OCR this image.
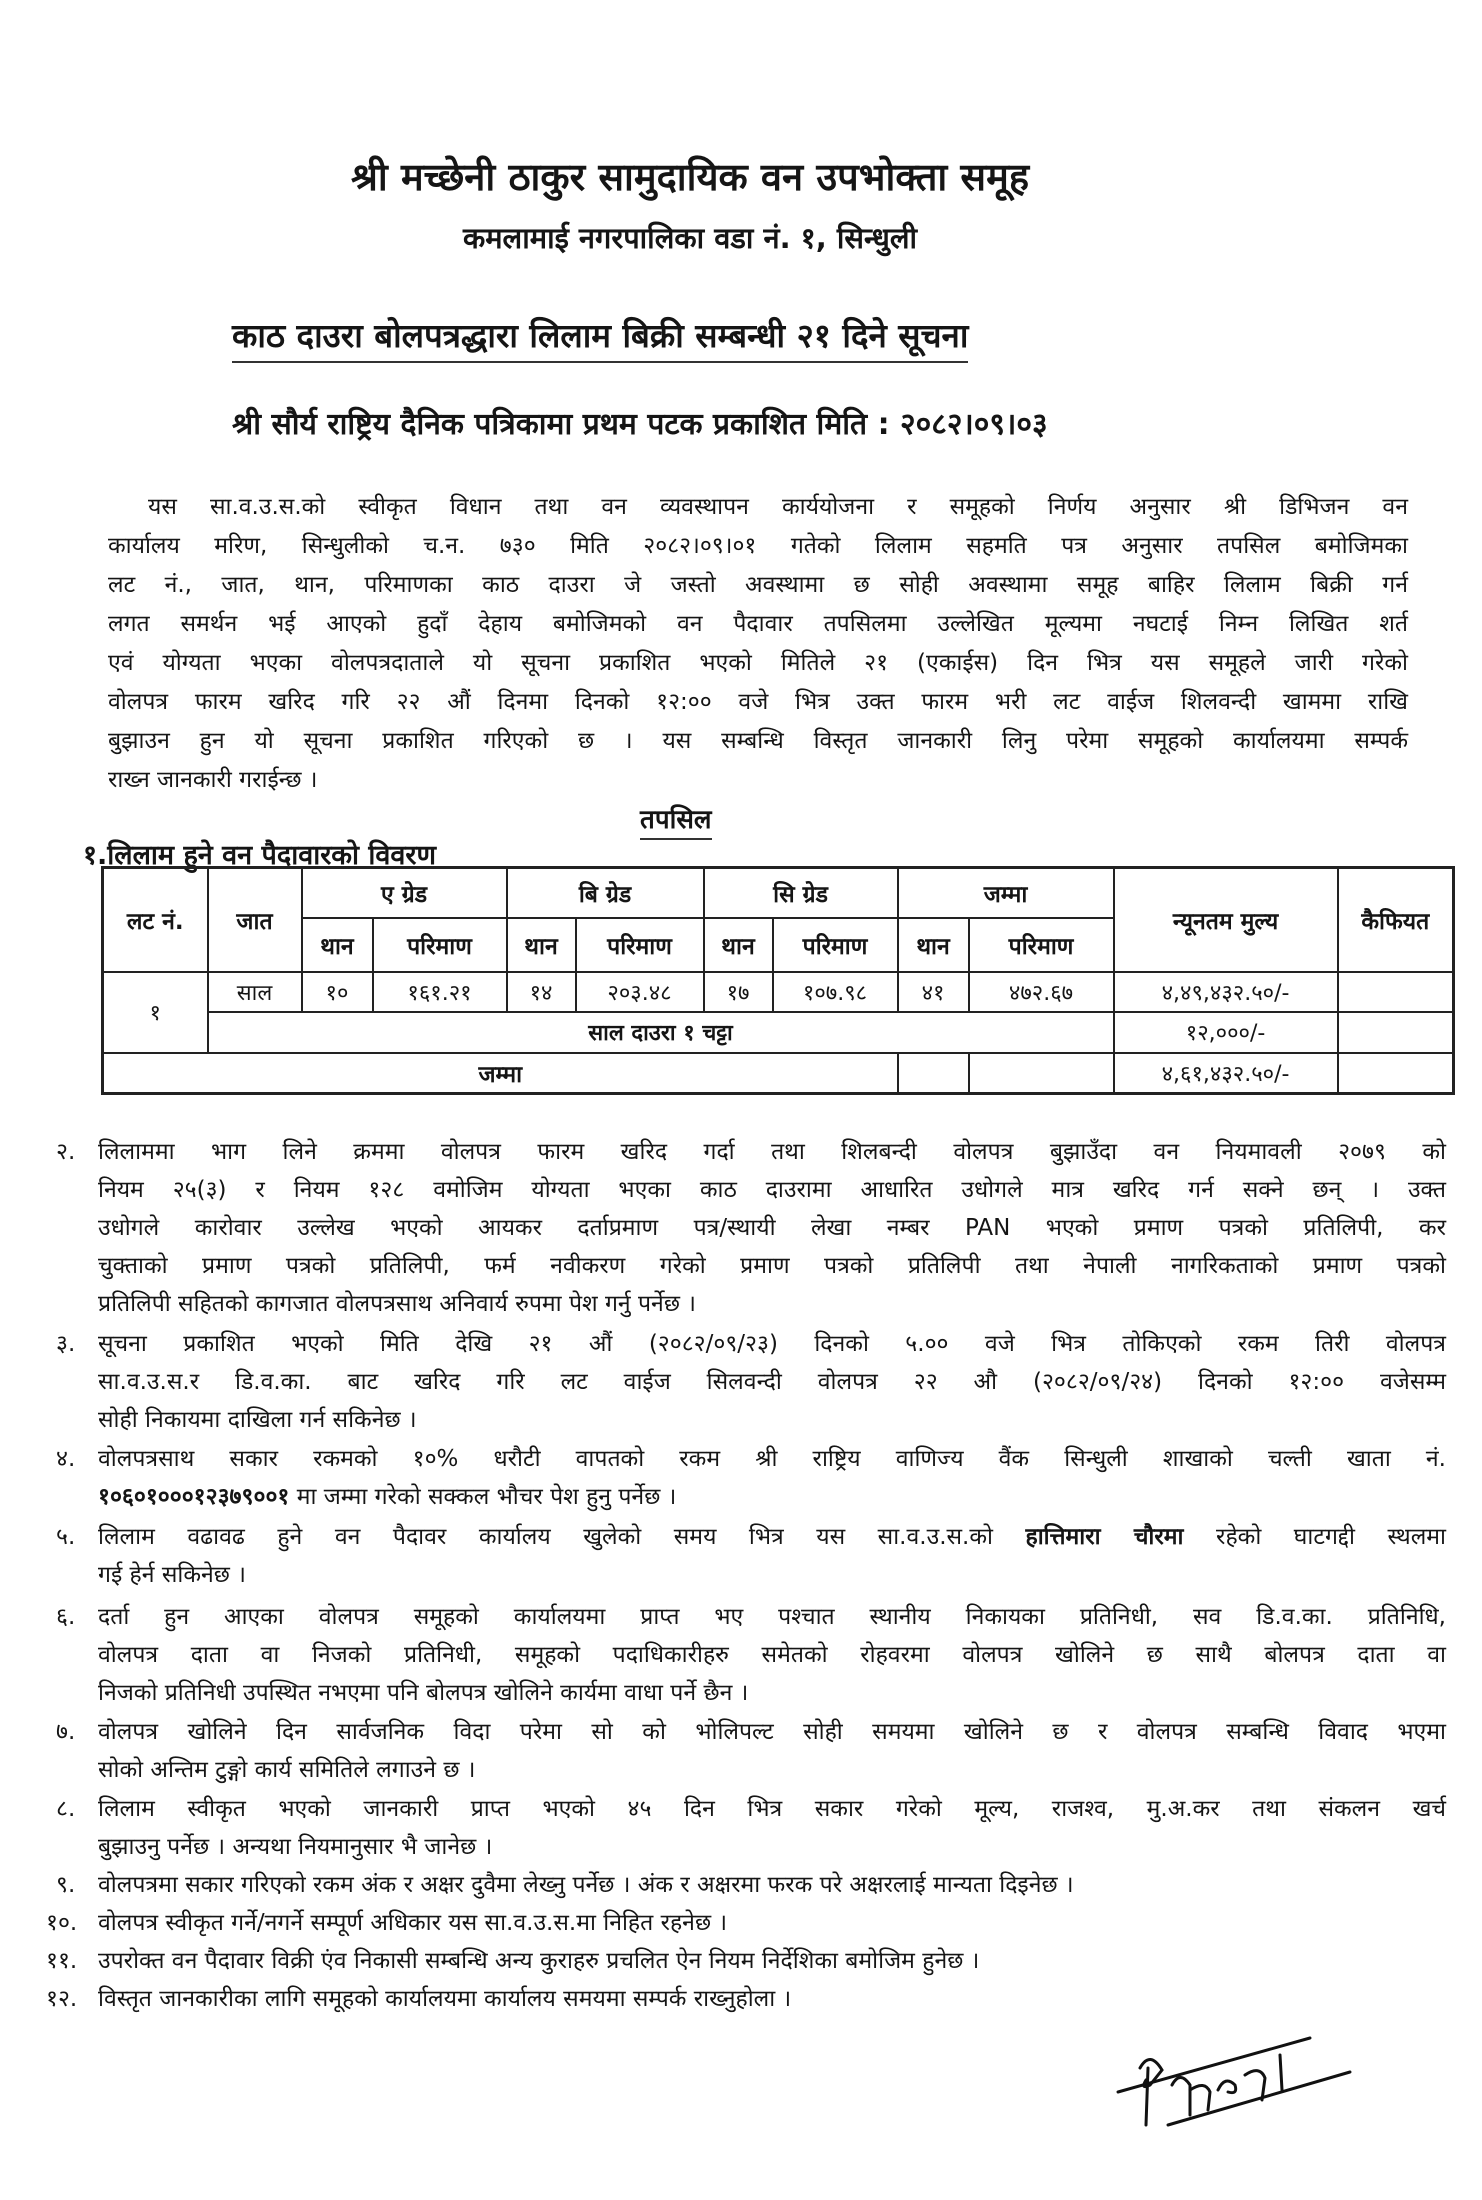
श्री मच्छेनी ठाकुर सामुदायिक वन उपभोक्ता समूह
कमलामाई नगरपालिका वडा नं. १, सिन्धुली
काठ दाउरा बोलपत्रद्धारा लिलाम बिक्री सम्बन्धी २१ दिने सूचना
श्री सौर्य राष्ट्रिय दैनिक पत्रिकामा प्रथम पटक प्रकाशित मिति : २०८२।०९।०३
यस सा.व.उ.स.को स्वीकृत विधान तथा वन व्यवस्थापन कार्ययोजना र समूहको निर्णय अनुसार श्री डिभिजन वन
कार्यालय मरिण, सिन्धुलीको च.न. ७३० मिति २०८२।०९।०१ गतेको लिलाम सहमति पत्र अनुसार तपसिल बमोजिमका
लट नं., जात, थान, परिमाणका काठ दाउरा जे जस्तो अवस्थामा छ सोही अवस्थामा समूह बाहिर लिलाम बिक्री गर्न
लगत समर्थन भई आएको हुदाँ देहाय बमोजिमको वन पैदावार तपसिलमा उल्लेखित मूल्यमा नघटाई निम्न लिखित शर्त
एवं योग्यता भएका वोलपत्रदाताले यो सूचना प्रकाशित भएको मितिले २१ (एकाईस) दिन भित्र यस समूहले जारी गरेको
वोलपत्र फारम खरिद गरि २२ औं दिनमा दिनको १२:०० वजे भित्र उक्त फारम भरी लट वाईज शिलवन्दी खाममा राखि
बुझाउन हुन यो सूचना प्रकाशित गरिएको छ । यस सम्बन्धि विस्तृत जानकारी लिनु परेमा समूहको कार्यालयमा सम्पर्क
राख्न जानकारी गराईन्छ ।
तपसिल
१.लिलाम हुने वन पैदावारको विवरण
लट नं.	जात	ए ग्रेड		बि ग्रेड		सि ग्रेड		जम्मा		न्यूनतम मुल्य	कैफियत
		थान	परिमाण	थान	परिमाण	थान	परिमाण	थान	परिमाण		
१	साल	१०	१६१.२१	१४	२०३.४८	१७	१०७.९८	४१	४७२.६७	४,४९,४३२.५०/-	
	साल दाउरा १ चट्टा									१२,०००/-	
जम्मा										४,६१,४३२.५०/-	
२. लिलाममा भाग लिने क्रममा वोलपत्र फारम खरिद गर्दा तथा शिलबन्दी वोलपत्र बुझाउँदा वन नियमावली २०७९ को
नियम २५(३) र नियम १२८ वमोजिम योग्यता भएका काठ दाउरामा आधारित उधोगले मात्र खरिद गर्न सक्ने छन् । उक्त
उधोगले कारोवार उल्लेख भएको आयकर दर्ताप्रमाण पत्र/स्थायी लेखा नम्बर PAN भएको प्रमाण पत्रको प्रतिलिपी, कर
चुक्ताको प्रमाण पत्रको प्रतिलिपी, फर्म नवीकरण गरेको प्रमाण पत्रको प्रतिलिपी तथा नेपाली नागरिकताको प्रमाण पत्रको
प्रतिलिपी सहितको कागजात वोलपत्रसाथ अनिवार्य रुपमा पेश गर्नु पर्नेछ ।
३. सूचना प्रकाशित भएको मिति देखि २१ औं (२०८२/०९/२३) दिनको ५.०० वजे भित्र तोकिएको रकम तिरी वोलपत्र
सा.व.उ.स.र डि.व.का. बाट खरिद गरि लट वाईज सिलवन्दी वोलपत्र २२ औ (२०८२/०९/२४) दिनको १२:०० वजेसम्म
सोही निकायमा दाखिला गर्न सकिनेछ ।
४. वोलपत्रसाथ सकार रकमको १०% धरौटी वापतको रकम श्री राष्ट्रिय वाणिज्य वैंक सिन्धुली शाखाको चल्ती खाता नं.
१०६०१०००१२३७९००१ मा जम्मा गरेको सक्कल भौचर पेश हुनु पर्नेछ ।
५. लिलाम वढावढ हुने वन पैदावर कार्यालय खुलेको समय भित्र यस सा.व.उ.स.को हात्तिमारा चौरमा रहेको घाटगद्दी स्थलमा
गई हेर्न सकिनेछ ।
६. दर्ता हुन आएका वोलपत्र समूहको कार्यालयमा प्राप्त भए पश्चात स्थानीय निकायका प्रतिनिधी, सव डि.व.का. प्रतिनिधि,
वोलपत्र दाता वा निजको प्रतिनिधी, समूहको पदाधिकारीहरु समेतको रोहवरमा वोलपत्र खोलिने छ साथै बोलपत्र दाता वा
निजको प्रतिनिधी उपस्थित नभएमा पनि बोलपत्र खोलिने कार्यमा वाधा पर्ने छैन ।
७. वोलपत्र खोलिने दिन सार्वजनिक विदा परेमा सो को भोलिपल्ट सोही समयमा खोलिने छ र वोलपत्र सम्बन्धि विवाद भएमा
सोको अन्तिम टुङ्गो कार्य समितिले लगाउने छ ।
८. लिलाम स्वीकृत भएको जानकारी प्राप्त भएको ४५ दिन भित्र सकार गरेको मूल्य, राजश्व, मु.अ.कर तथा संकलन खर्च
बुझाउनु पर्नेछ । अन्यथा नियमानुसार भै जानेछ ।
९. वोलपत्रमा सकार गरिएको रकम अंक र अक्षर दुवैमा लेख्नु पर्नेछ । अंक र अक्षरमा फरक परे अक्षरलाई मान्यता दिइनेछ ।
१०. वोलपत्र स्वीकृत गर्ने/नगर्ने सम्पूर्ण अधिकार यस सा.व.उ.स.मा निहित रहनेछ ।
११. उपरोक्त वन पैदावार विक्री एंव निकासी सम्बन्धि अन्य कुराहरु प्रचलित ऐन नियम निर्देशिका बमोजिम हुनेछ ।
१२. विस्तृत जानकारीका लागि समूहको कार्यालयमा कार्यालय समयमा सम्पर्क राख्नुहोला ।
